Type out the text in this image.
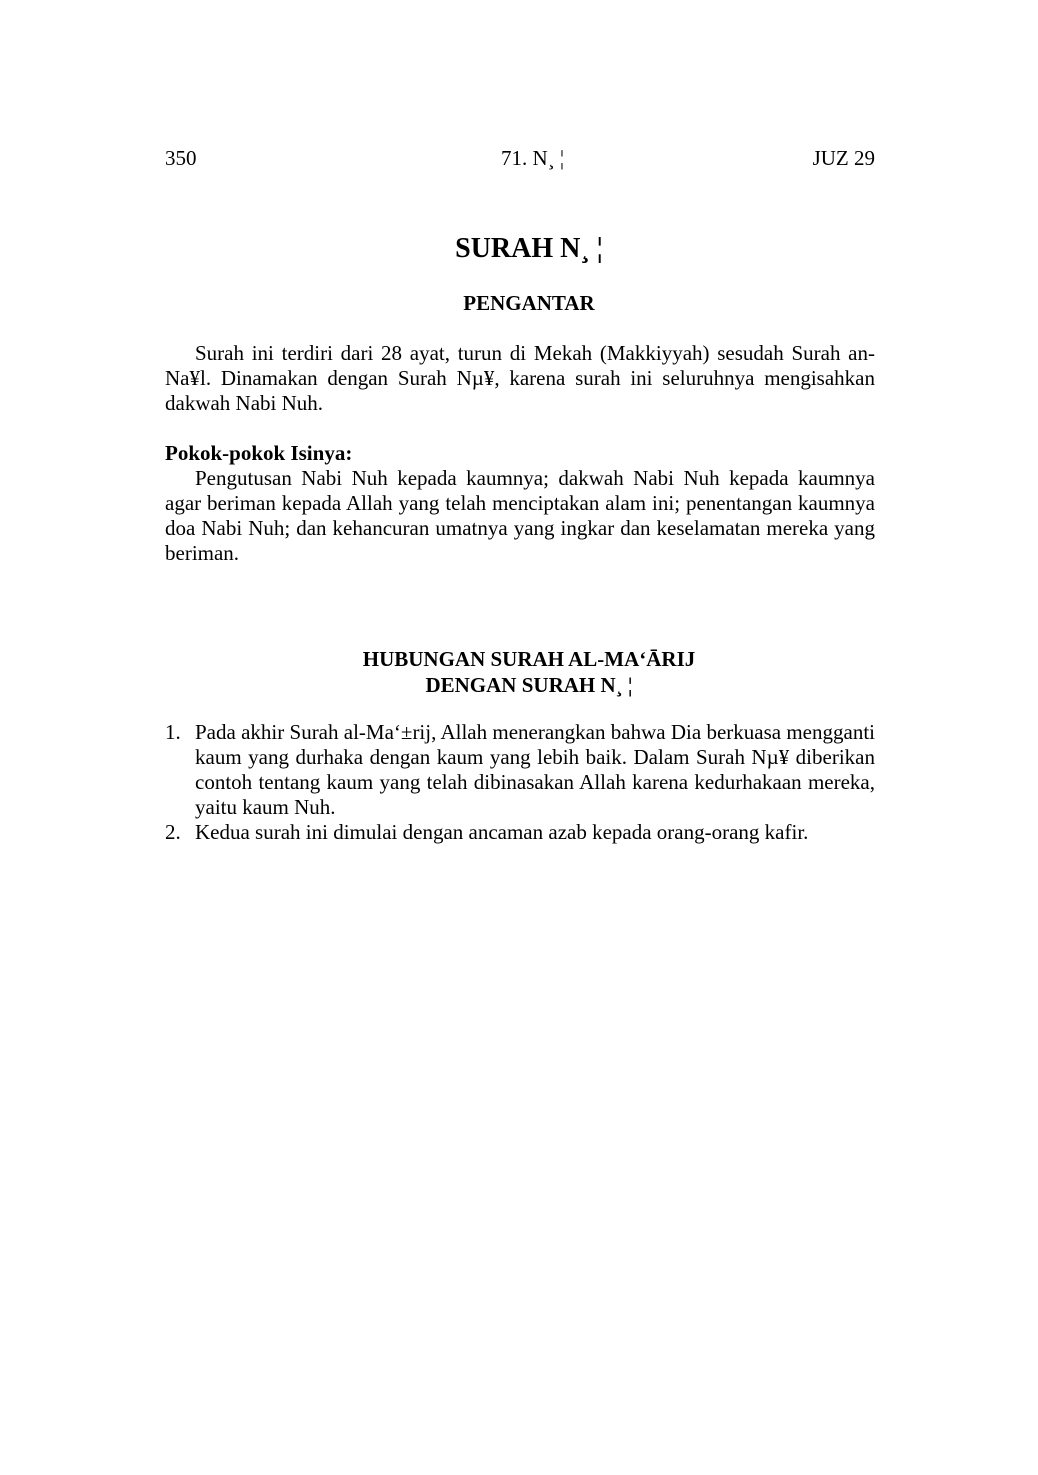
350	71. N¸ ¦	JUZ 29
SURAH N¸ ¦
PENGANTAR

Surah ini terdiri dari 28 ayat, turun di Mekah (Makkiyyah) sesudah Surah an-Na¥l. Dinamakan dengan Surah Nµ¥, karena surah ini seluruhnya mengisahkan dakwah Nabi Nuh.

Pokok-pokok Isinya:

Pengutusan Nabi Nuh kepada kaumnya; dakwah Nabi Nuh kepada kaumnya agar beriman kepada Allah yang telah menciptakan alam ini; penentangan kaumnya doa Nabi Nuh; dan kehancuran umatnya yang ingkar dan keselamatan mereka yang beriman.

HUBUNGAN SURAH AL-MA‘ĀRIJ
DENGAN SURAH N¸ ¦
1. Pada akhir Surah al-Ma‘±rij, Allah menerangkan bahwa Dia berkuasa mengganti kaum yang durhaka dengan kaum yang lebih baik. Dalam Surah Nµ¥ diberikan contoh tentang kaum yang telah dibinasakan Allah karena kedurhakaan mereka, yaitu kaum Nuh.
2. Kedua surah ini dimulai dengan ancaman azab kepada orang-orang kafir.
